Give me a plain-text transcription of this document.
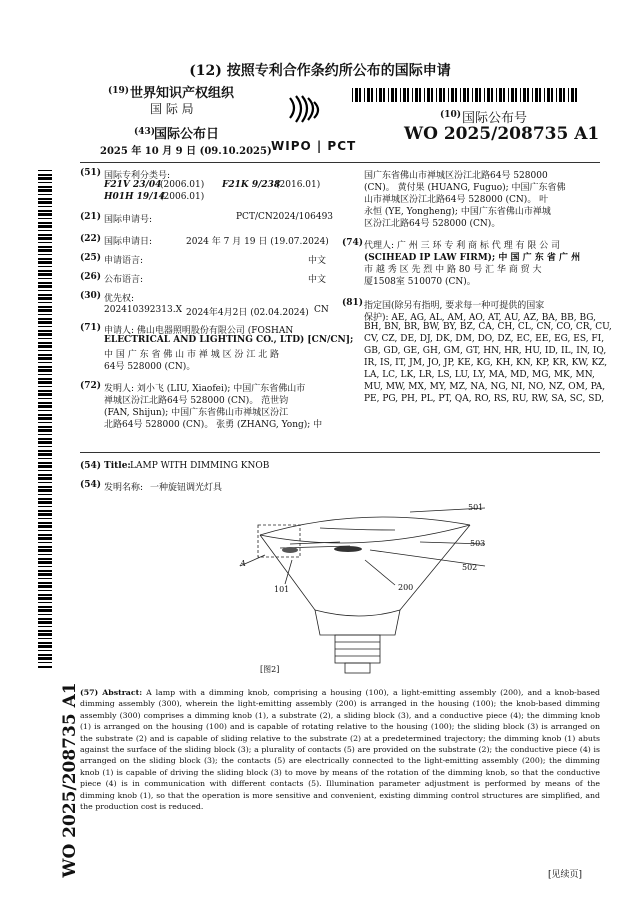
(12) 按照专利合作条约所公布的国际申请
(19) 世界知识产权组织
国 际 局
(43)
国际公布日
2025 年 10 月 9 日 (09.10.2025) WIPO | PCT
(10) 国际公布号
WO 2025/208735 A1
WO 2025/208735 A1
(51) 国际专利分类号:
F21V 23/04
(2006.01) F21K 9/238
(2016.01)
H01H 19/14
(2006.01)
(21) 国际申请号:	PCT/CN2024/106493
(22) 国际申请日:	2024 年 7 月 19 日 (19.07.2024)
(25) 申请语言:	中文
(26) 公布语言:	中文
(30) 优先权:
202410392313.X 2024年4月2日 (02.04.2024) CN
(71) 申请人: 佛山电器照明股份有限公司 (FOSHAN
ELECTRICAL AND LIGHTING CO., LTD) [CN/CN];
中 国 广 东 省 佛 山 市 禅 城 区 汾 江 北 路
64号 528000 (CN)。
(72) 发明人: 刘小飞 (LIU, Xiaofei); 中国广东省佛山市
禅城区汾江北路64号 528000 (CN)。 范世钧
(FAN, Shijun); 中国广东省佛山市禅城区汾江
北路64号 528000 (CN)。 张勇 (ZHANG, Yong); 中
国广东省佛山市禅城区汾江北路64号 528000
(CN)。 黄付果 (HUANG, Fuguo); 中国广东省佛
山市禅城区汾江北路64号 528000 (CN)。 叶
永恒 (YE, Yongheng); 中国广东省佛山市禅城
区汾江北路64号 528000 (CN)。
(74) 代理人: 广 州 三 环 专 利 商 标 代 理 有 限 公 司
(SCIHEAD IP LAW FIRM); 中 国 广 东 省 广 州
市 越 秀 区 先 烈 中 路 80 号 汇 华 商 贸 大
厦1508室 510070 (CN)。
(81) 指定国(除另有指明, 要求每一种可提供的国家
保护): AE, AG, AL, AM, AO, AT, AU, AZ, BA, BB, BG,
BH, BN, BR, BW, BY, BZ, CA, CH, CL, CN, CO, CR, CU,
CV, CZ, DE, DJ, DK, DM, DO, DZ, EC, EE, EG, ES, FI,
GB, GD, GE, GH, GM, GT, HN, HR, HU, ID, IL, IN, IQ,
IR, IS, IT, JM, JO, JP, KE, KG, KH, KN, KP, KR, KW, KZ,
LA, LC, LK, LR, LS, LU, LY, MA, MD, MG, MK, MN,
MU, MW, MX, MY, MZ, NA, NG, NI, NO, NZ, OM, PA,
PE, PG, PH, PL, PT, QA, RO, RS, RU, RW, SA, SC, SD,
(54) Title: LAMP WITH DIMMING KNOB
(54) 发明名称: 一种旋钮调光灯具
501
503
502
200
101
A
[图2]
(57) Abstract: A lamp with a dimming knob, comprising a housing (100), a light-emitting assembly (200), and a knob-based dimming assembly (300), wherein the light-emitting assembly (200) is arranged in the housing (100); the knob-based dimming assembly (300) comprises a dimming knob (1), a substrate (2), a sliding block (3), and a conductive piece (4); the dimming knob (1) is arranged on the housing (100) and is capable of rotating relative to the housing (100); the sliding block (3) is arranged on the substrate (2) and is capable of sliding relative to the substrate (2) at a predetermined trajectory; the dimming knob (1) abuts against the surface of the sliding block (3); a plurality of contacts (5) are provided on the substrate (2); the conductive piece (4) is arranged on the sliding block (3); the contacts (5) are electrically connected to the light-emitting assembly (200); the dimming knob (1) is capable of driving the sliding block (3) to move by means of the rotation of the dimming knob, so that the conductive piece (4) is in communication with different contacts (5). Illumination parameter adjustment is performed by means of the dimming knob (1), so that the operation is more sensitive and convenient, existing dimming control structures are simplified, and the production cost is reduced.
[见续页]
